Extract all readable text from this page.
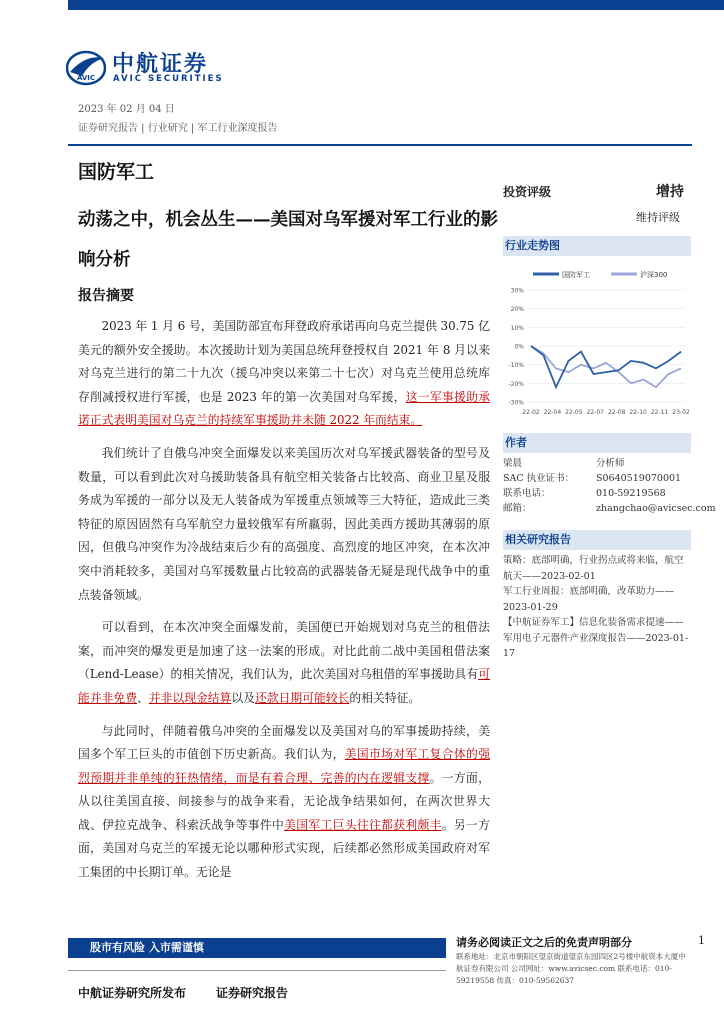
AVIC
中航证券
AVIC SECURITIES
2023 年 02 月 04 日
证券研究报告 | 行业研究 | 军工行业深度报告
国防军工
动荡之中，机会丛生——美国对乌军援对军工行业的影响分析
报告摘要

2023 年 1 月 6 号，美国防部宣布拜登政府承诺再向乌克兰提供 30.75 亿美元的额外安全援助。本次援助计划为美国总统拜登授权自 2021 年 8 月以来对乌克兰进行的第二十九次（援乌冲突以来第二十七次）对乌克兰使用总统库存削减授权进行军援，也是 2023 年的第一次美国对乌军援，这一军事援助承诺正式表明美国对乌克兰的持续军事援助并未随 2022 年而结束。

我们统计了自俄乌冲突全面爆发以来美国历次对乌军援武器装备的型号及数量，可以看到此次对乌援助装备具有航空相关装备占比较高、商业卫星及服务成为军援的一部分以及无人装备成为军援重点领域等三大特征，造成此三类特征的原因固然有乌军航空力量较俄军有所羸弱，因此美西方援助其薄弱的原因，但俄乌冲突作为冷战结束后少有的高强度、高烈度的地区冲突，在本次冲突中消耗较多，美国对乌军援数量占比较高的武器装备无疑是现代战争中的重点装备领域。

可以看到，在本次冲突全面爆发前，美国便已开始规划对乌克兰的租借法案，而冲突的爆发更是加速了这一法案的形成。对比此前二战中美国租借法案（Lend-Lease）的相关情况，我们认为，此次美国对乌租借的军事援助具有可能并非免费、并非以现金结算以及还款日期可能较长的相关特征。

与此同时，伴随着俄乌冲突的全面爆发以及美国对乌的军事援助持续，美国多个军工巨头的市值创下历史新高。我们认为，美国市场对军工复合体的强烈预期并非单纯的狂热情绪，而是有着合理、完善的内在逻辑支撑。一方面，从以往美国直接、间接参与的战争来看，无论战争结果如何，在两次世界大战、伊拉克战争、科索沃战争等事件中美国军工巨头往往都获利颇丰。另一方面，美国对乌克兰的军援无论以哪种形式实现，后续都必然形成美国政府对军工集团的中长期订单。无论是

投资评级	增持
维持评级
行业走势图
国防军工	沪深300
30%
20%
10%
0%
-10%
-20%
-30%
22-02 22-04 22-05 22-07 22-08 22-10 22-11 23-02
作者
梁晨	分析师
SAC 执业证书： S0640519070001
联系电话：	010-59219568
邮箱：	zhangchao@avicsec.com
相关研究报告
策略：底部明确，行业拐点或将来临，航空航天——2023-02-01
军工行业周报：底部明确，改革助力——2023-01-29
【中航证券军工】信息化装备需求提速——军用电子元器件产业深度报告——2023-01-17
股市有风险 入市需谨慎	请务必阅读正文之后的免责声明部分	1
联系地址：北京市朝阳区望京街道望京东园四区2号楼中航资本大厦中航证券有限公司 公司网址：www.avicsec.com 联系电话：010-59219558 传真：010-59562637
中航证券研究所发布 证券研究报告
